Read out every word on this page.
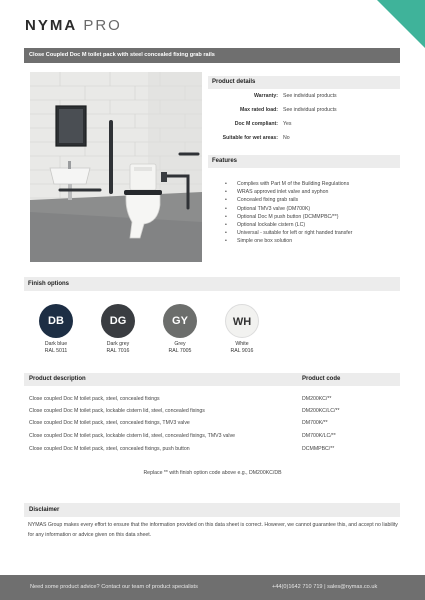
NYMA PRO
Close Coupled Doc M toilet pack with steel concealed fixing grab rails
Product details
Warranty: See individual products
Max rated load: See individual products
Doc M compliant: Yes
Suitable for wet areas: No
Features
• Complies with Part M of the Building Regulations
• WRAS approved inlet valve and syphon
• Concealed fixing grab rails
• Optional TMV3 valve (DM700K)
• Optional Doc M push button (DCMMPBC/**)
• Optional lockable cistern (LC)
• Universal - suitable for left or right handed transfer
• Simple one box solution
Finish options
DB
Dark blue
RAL 5011
DG
Dark grey
RAL 7016
GY
Grey
RAL 7005
WH
White
RAL 9016
Product description	Product code
Close coupled Doc M toilet pack, steel, concealed fixings	DM200KC/**
Close coupled Doc M toilet pack, lockable cistern lid, steel, concealed fixings	DM200KC/LC/**
Close coupled Doc M toilet pack, steel, concealed fixings, TMV3 valve	DM700K/**
Close coupled Doc M toilet pack, lockable cistern lid, steel, concealed fixings, TMV3 valve	DM700K/LC/**
Close coupled Doc M toilet pack, steel, concealed fixings, push button	DCMMPBC/**
Replace ** with finish option code above e.g., DM200KC/DB
Disclaimer
NYMAS Group makes every effort to ensure that the information provided on this data sheet is correct. However, we cannot guarantee this, and accept no liability for any information or advice given on this data sheet.
Need some product advice? Contact our team of product specialists	+44(0)1642 710 719 | sales@nymas.co.uk
